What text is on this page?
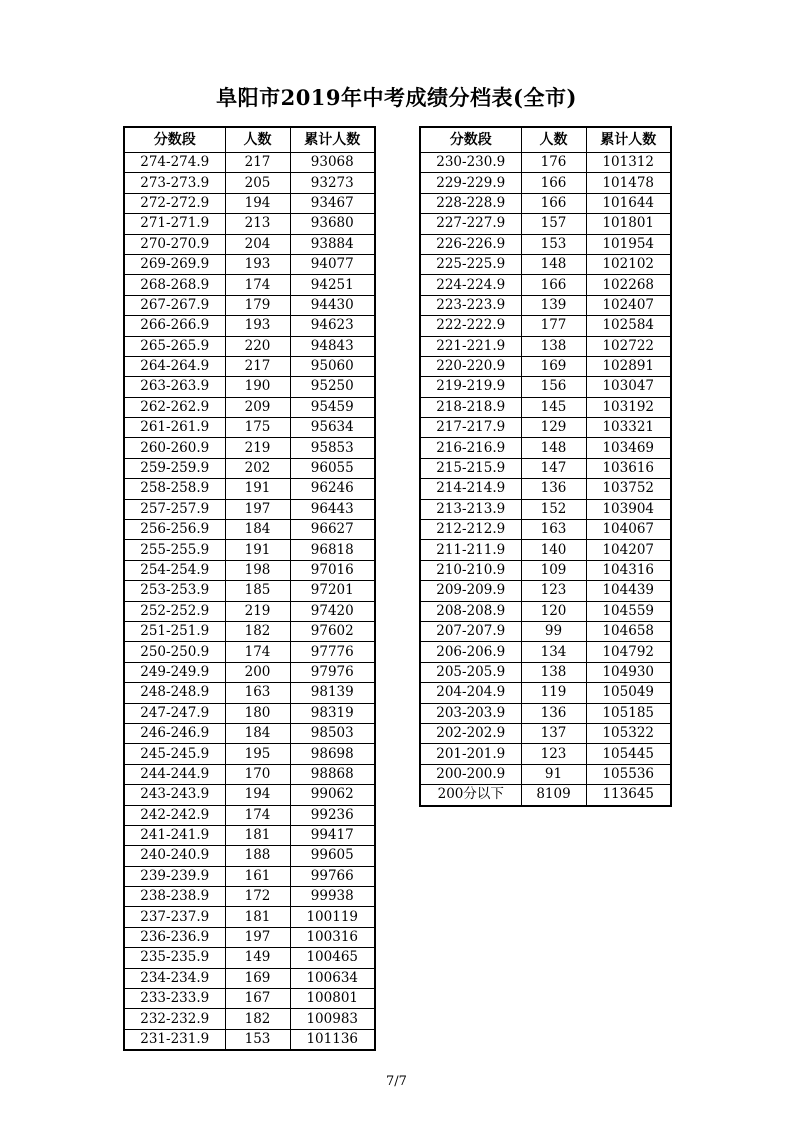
阜阳市2019年中考成绩分档表(全市)
分数段	人数	累计人数
274-274.9	217	93068
273-273.9	205	93273
272-272.9	194	93467
271-271.9	213	93680
270-270.9	204	93884
269-269.9	193	94077
268-268.9	174	94251
267-267.9	179	94430
266-266.9	193	94623
265-265.9	220	94843
264-264.9	217	95060
263-263.9	190	95250
262-262.9	209	95459
261-261.9	175	95634
260-260.9	219	95853
259-259.9	202	96055
258-258.9	191	96246
257-257.9	197	96443
256-256.9	184	96627
255-255.9	191	96818
254-254.9	198	97016
253-253.9	185	97201
252-252.9	219	97420
251-251.9	182	97602
250-250.9	174	97776
249-249.9	200	97976
248-248.9	163	98139
247-247.9	180	98319
246-246.9	184	98503
245-245.9	195	98698
244-244.9	170	98868
243-243.9	194	99062
242-242.9	174	99236
241-241.9	181	99417
240-240.9	188	99605
239-239.9	161	99766
238-238.9	172	99938
237-237.9	181	100119
236-236.9	197	100316
235-235.9	149	100465
234-234.9	169	100634
233-233.9	167	100801
232-232.9	182	100983
231-231.9	153	101136
分数段	人数	累计人数
230-230.9	176	101312
229-229.9	166	101478
228-228.9	166	101644
227-227.9	157	101801
226-226.9	153	101954
225-225.9	148	102102
224-224.9	166	102268
223-223.9	139	102407
222-222.9	177	102584
221-221.9	138	102722
220-220.9	169	102891
219-219.9	156	103047
218-218.9	145	103192
217-217.9	129	103321
216-216.9	148	103469
215-215.9	147	103616
214-214.9	136	103752
213-213.9	152	103904
212-212.9	163	104067
211-211.9	140	104207
210-210.9	109	104316
209-209.9	123	104439
208-208.9	120	104559
207-207.9	99	104658
206-206.9	134	104792
205-205.9	138	104930
204-204.9	119	105049
203-203.9	136	105185
202-202.9	137	105322
201-201.9	123	105445
200-200.9	91	105536
200分以下	8109	113645
7/7
